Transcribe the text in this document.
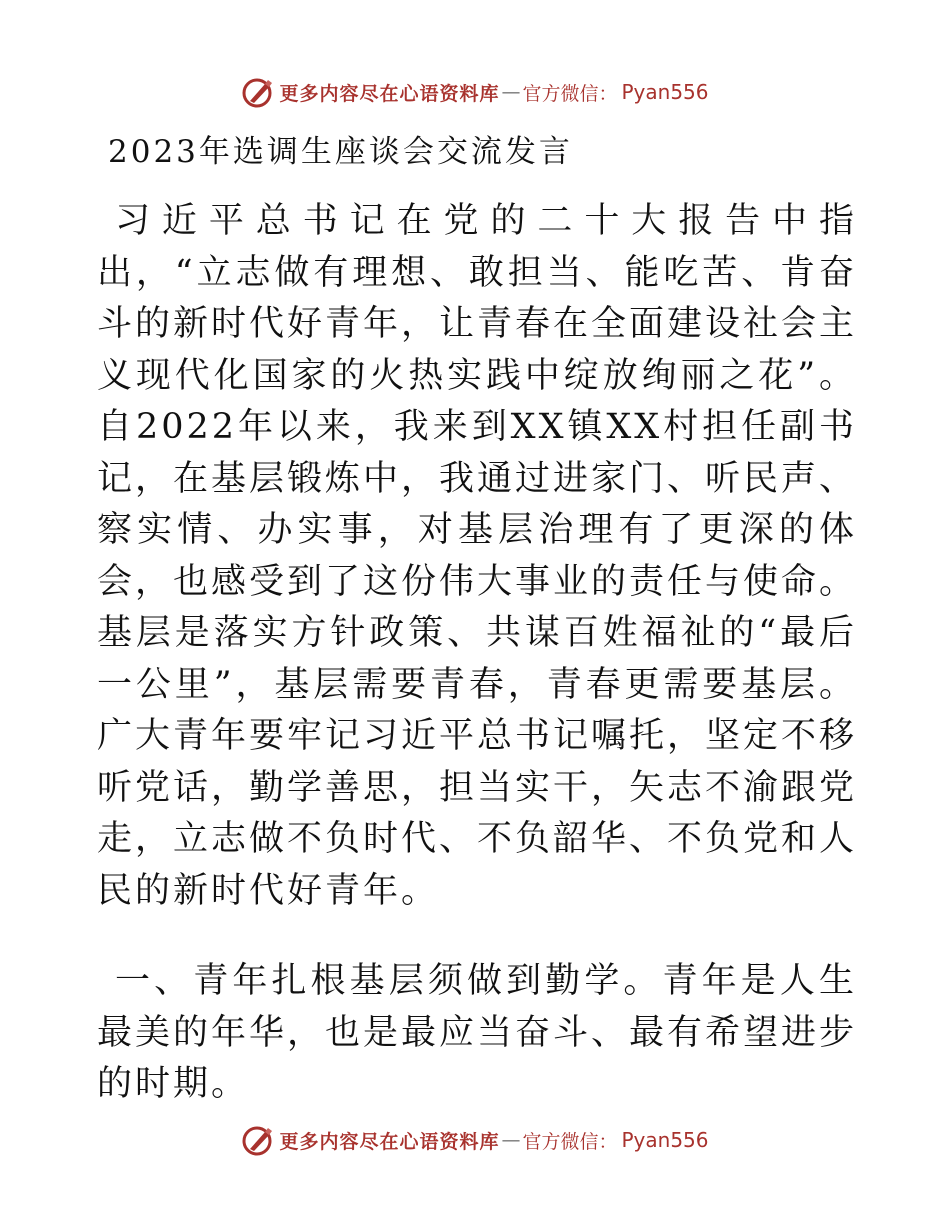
更多内容尽在心语资料库 — 官方微信： Pyan556
2023年选调生座谈会交流发言

习近平总书记在党的二十大报告中指出，“立志做有理想、敢担当、能吃苦、肯奋斗的新时代好青年，让青春在全面建设社会主义现代化国家的火热实践中绽放绚丽之花”。自2022年以来，我来到XX镇XX村担任副书记，在基层锻炼中，我通过进家门、听民声、察实情、办实事，对基层治理有了更深的体会，也感受到了这份伟大事业的责任与使命。基层是落实方针政策、共谋百姓福祉的“最后一公里”，基层需要青春，青春更需要基层。广大青年要牢记习近平总书记嘱托，坚定不移听党话，勤学善思，担当实干，矢志不渝跟党走，立志做不负时代、不负韶华、不负党和人民的新时代好青年。

一、青年扎根基层须做到勤学。青年是人生最美的年华，也是最应当奋斗、最有希望进步的时期。

更多内容尽在心语资料库 — 官方微信： Pyan556
